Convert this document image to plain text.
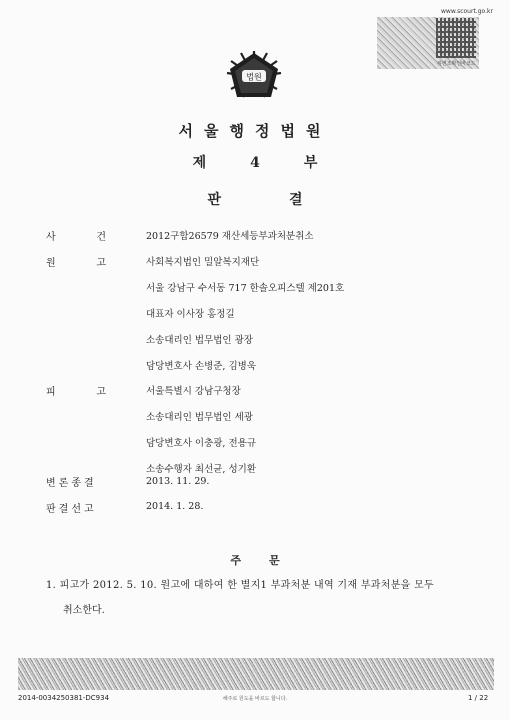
www.scourt.go.kr
위변조확인바코드
법원
서울행정법원
제	4	부
판	결
사	건	2012구합26579 재산세등부과처분취소
원	고	사회복지법인 밀알복지재단
서울 강남구 수서동 717 한솔오피스텔 제201호
대표자 이사장 홍정길
소송대리인 법무법인 광장
담당변호사 손병준, 김병욱
피	고	서울특별시 강남구청장
소송대리인 법무법인 세광
담당변호사 이충광, 전용규
소송수행자 최선균, 성기환
변론종결	2013. 11. 29.
판결선고	2014. 1. 28.
주	문
1. 피고가 2012. 5. 10. 원고에 대하여 한 별지1 부과처분 내역 기재 부과처분을 모두
취소한다.
2014-0034250381-DC934	해주로 원도을 바르도 합니다.	1 / 22
